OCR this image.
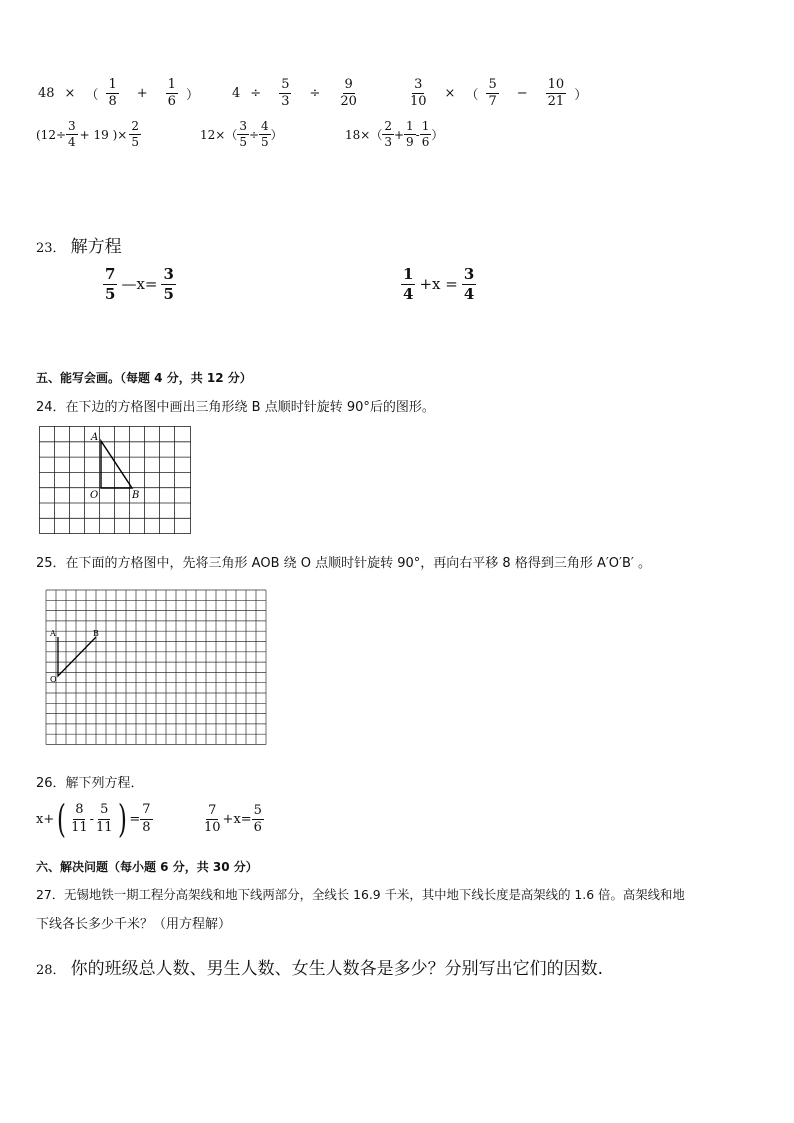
48 × （ $\frac{1}{8} + \frac{1}{6}$ ）	$4 \div \frac{5}{3} \div \frac{9}{20}$	$\frac{3}{10}$ × （ $\frac{5}{7} - \frac{10}{21}$ ）
($12\div \frac{3}{4} + 19$ )× $\frac{2}{5}$	$12\times( \frac{3}{5} \div \frac{4}{5}$ ）	$18\times( \frac{2}{3} + \frac{1}{9} - \frac{1}{6}$ ）
23． 解方程
$\frac{7}{5}$ —x= $\frac{3}{5}$	$\frac{1}{4} +x = \frac{3}{4}$
五、能写会画。（每题 4 分，共 12 分）
24．在下边的方格图中画出三角形绕 B 点顺时针旋转 90°后的图形。
A
O	B
25．在下面的方格图中，先将三角形 AOB 绕 O 点顺时针旋转 90°，再向右平移 8 格得到三角形 A′O′B′ 。
A	B
O
26．解下列方程．
x+ ( $\frac{8}{11} - \frac{5}{11}$ ) = $\frac{7}{8}$	$\frac{7}{10} +x= \frac{5}{6}$
六、解决问题（每小题 6 分，共 30 分）
27．无锡地铁一期工程分高架线和地下线两部分，全线长 16.9 千米，其中地下线长度是高架线的 1.6 倍。高架线和地
下线各长多少千米？（用方程解）
28． 你的班级总人数、男生人数、女生人数各是多少？分别写出它们的因数.
